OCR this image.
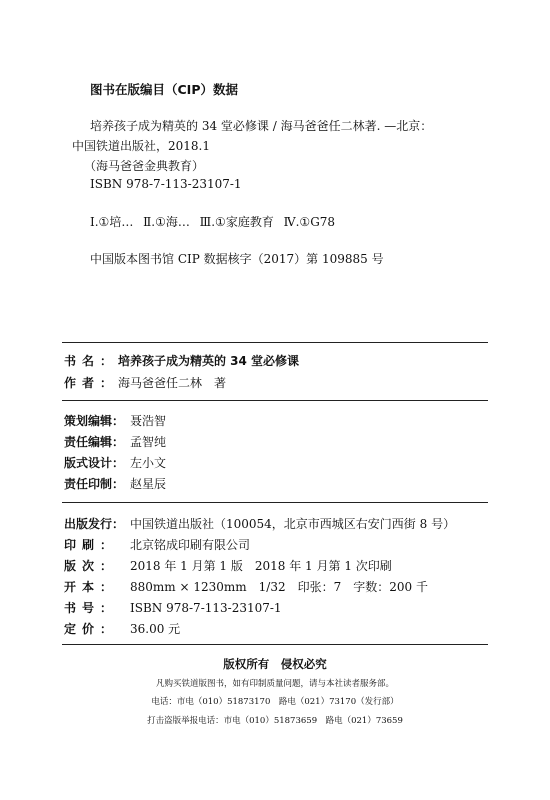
图书在版编目（CIP）数据
培养孩子成为精英的 34 堂必修课 / 海马爸爸任二林著. —北京：
中国铁道出版社，2018.1
（海马爸爸金典教育）
ISBN 978-7-113-23107-1
Ⅰ.①培… Ⅱ.①海… Ⅲ.①家庭教育 Ⅳ.①G78
中国版本图书馆 CIP 数据核字（2017）第 109885 号
书名： 培养孩子成为精英的 34 堂必修课
作者： 海马爸爸任二林　著
策划编辑： 聂浩智
责任编辑： 孟智纯
版式设计： 左小文
责任印制： 赵星辰
出版发行： 中国铁道出版社（100054，北京市西城区右安门西街 8 号）
印刷： 北京铭成印刷有限公司
版次： 2018 年 1 月第 1 版　2018 年 1 月第 1 次印刷
开本： 880mm × 1230mm　1/32　印张：7　字数：200 千
书号： ISBN 978-7-113-23107-1
定价： 36.00 元
版权所有　侵权必究
凡购买铁道版图书，如有印制质量问题，请与本社读者服务部。
电话：市电（010）51873170　路电（021）73170（发行部）
打击盗版举报电话：市电（010）51873659　路电（021）73659
